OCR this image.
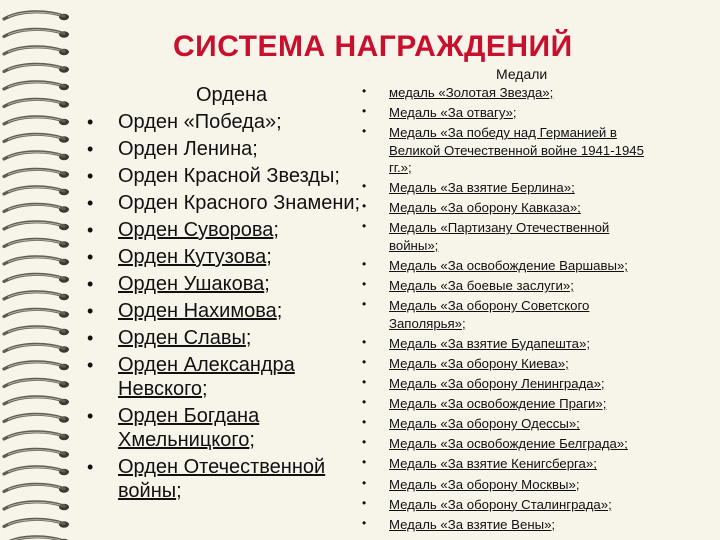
СИСТЕМА НАГРАЖДЕНИЙ
Ордена
• Орден «Победа»;
• Орден Ленина;
• Орден Красной Звезды;
• Орден Красного Знамени;
• Орден Суворова;
• Орден Кутузова;
• Орден Ушакова;
• Орден Нахимова;
• Орден Славы;
• Орден Александра Невского;
• Орден Богдана Хмельницкого;
• Орден Отечественной войны;
Медали
• медаль «Золотая Звезда»;
• Медаль «За отвагу»;
• Медаль «За победу над Германией в Великой Отечественной войне 1941-1945 гг.»;
• Медаль «За взятие Берлина»;
• Медаль «За оборону Кавказа»;
• Медаль «Партизану Отечественной войны»;
• Медаль «За освобождение Варшавы»;
• Медаль «За боевые заслуги»;
• Медаль «За оборону Советского Заполярья»;
• Медаль «За взятие Будапешта»;
• Медаль «За оборону Киева»;
• Медаль «За оборону Ленинграда»;
• Медаль «За освобождение Праги»;
• Медаль «За оборону Одессы»;
• Медаль «За освобождение Белграда»;
• Медаль «За взятие Кенигсберга»;
• Медаль «За оборону Москвы»;
• Медаль «За оборону Сталинграда»;
• Медаль «За взятие Вены»;
